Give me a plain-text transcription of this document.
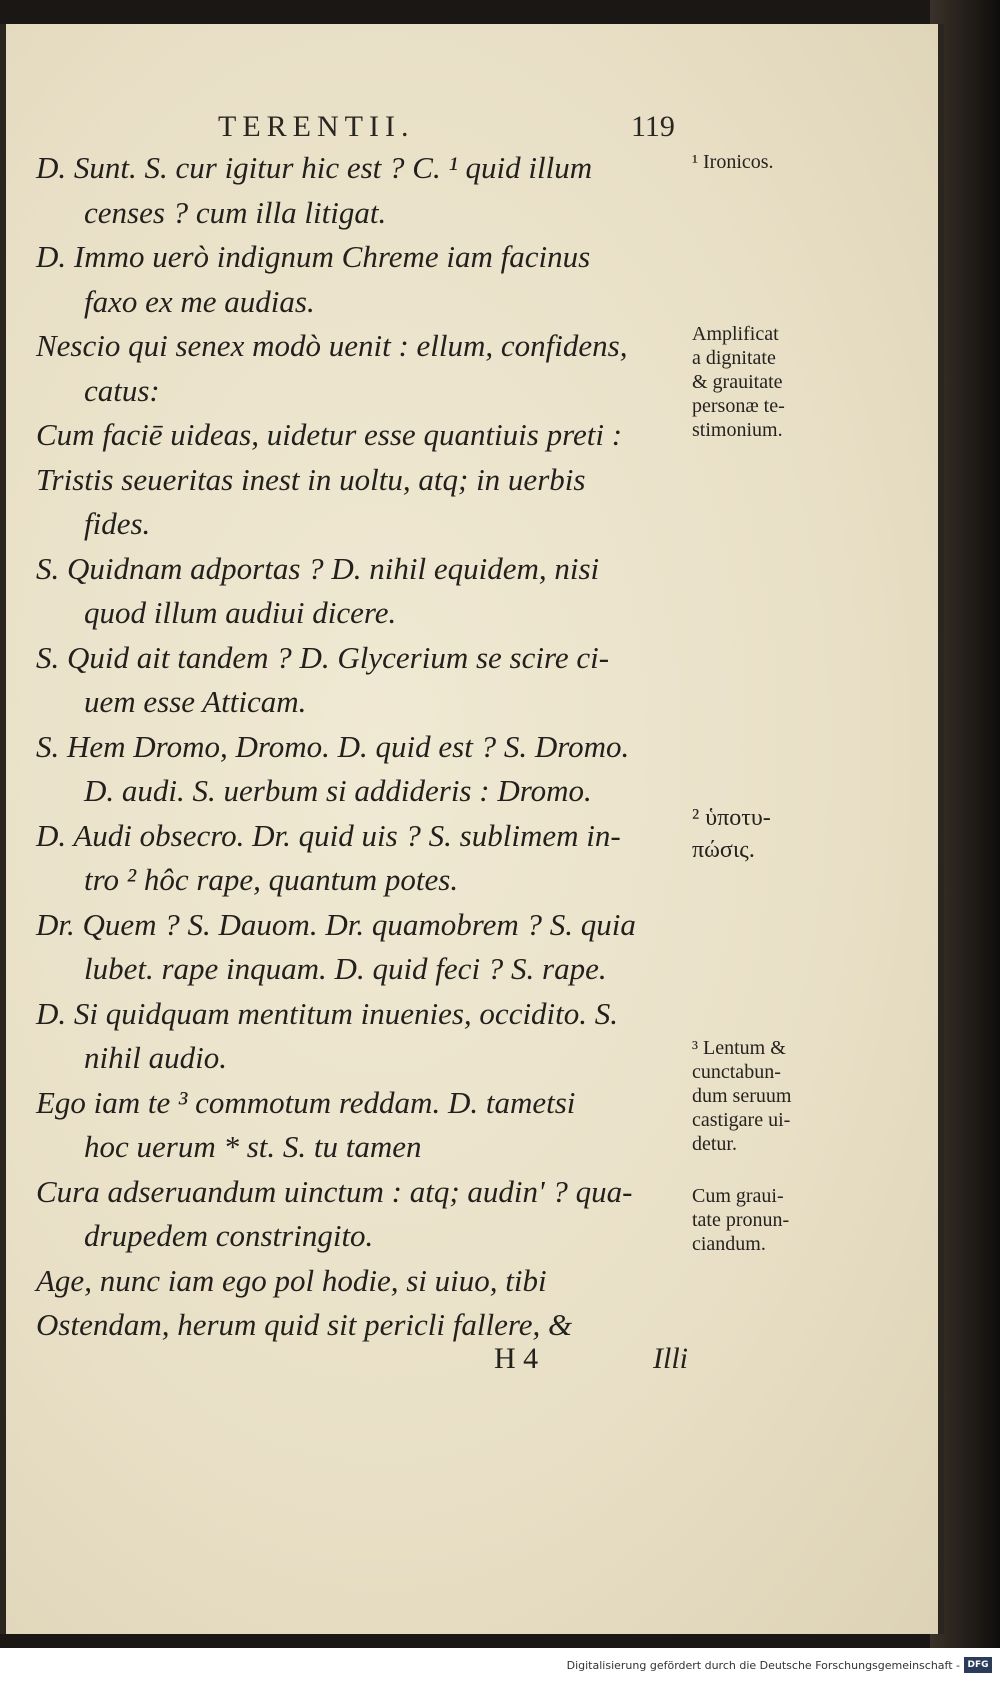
TERENTII.	119
D. Sunt. S. cur igitur hic est ? C. ¹ quid illum
censes ? cum illa litigat.
D. Immo uerò indignum Chreme iam facinus
faxo ex me audias.
Nescio qui senex modò uenit : ellum, confidens,
catus:
Cum faciē uideas, uidetur esse quantiuis preti :
Tristis seueritas inest in uoltu, atq; in uerbis
fides.
S. Quidnam adportas ? D. nihil equidem, nisi
quod illum audiui dicere.
S. Quid ait tandem ? D. Glycerium se scire ci-
uem esse Atticam.
S. Hem Dromo, Dromo. D. quid est ? S. Dromo.
D. audi. S. uerbum si addideris : Dromo.
D. Audi obsecro. Dr. quid uis ? S. sublimem in-
tro ² hôc rape, quantum potes.
Dr. Quem ? S. Dauom. Dr. quamobrem ? S. quia
lubet. rape inquam. D. quid feci ? S. rape.
D. Si quidquam mentitum inuenies, occidito. S.
nihil audio.
Ego iam te ³ commotum reddam. D. tametsi
hoc uerum * st. S. tu tamen
Cura adseruandum uinctum : atq; audin' ? qua-
drupedem constringito.
Age, nunc iam ego pol hodie, si uiuo, tibi
Ostendam, herum quid sit pericli fallere, &
¹ Ironicos.
Amplificat
a dignitate
& grauitate
personæ te-
stimonium.
² ὑποτυ-
πώσις.
³ Lentum &
cunctabun-
dum seruum
castigare ui-
detur.
Cum graui-
tate pronun-
ciandum.
H 4	Illi
Digitalisierung gefördert durch die Deutsche Forschungsgemeinschaft - DFG
